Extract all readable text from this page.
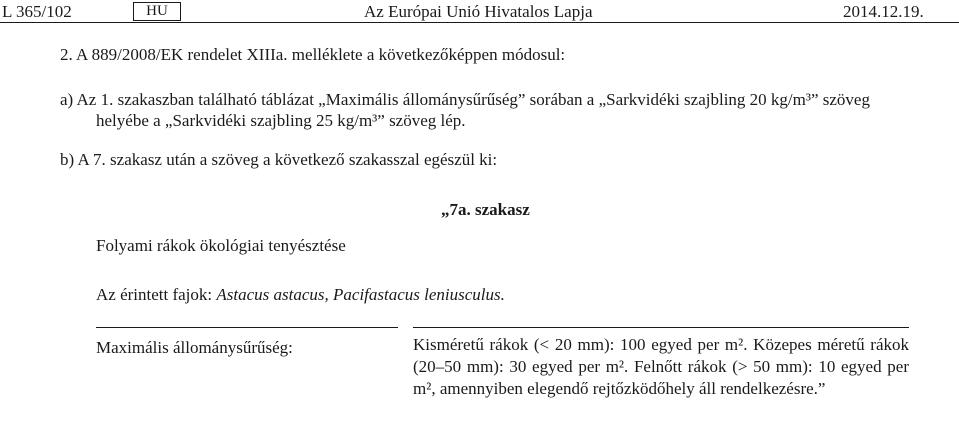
L 365/102	HU	Az Európai Unió Hivatalos Lapja	2014.12.19.
2. A 889/2008/EK rendelet XIIIa. melléklete a következőképpen módosul:
a) Az 1. szakaszban található táblázat „Maximális állománysűrűség” sorában a „Sarkvidéki szajbling 20 kg/m³” szöveg
helyébe a „Sarkvidéki szajbling 25 kg/m³” szöveg lép.
b) A 7. szakasz után a szöveg a következő szakasszal egészül ki:
„7a. szakasz
Folyami rákok ökológiai tenyésztése
Az érintett fajok: Astacus astacus, Pacifastacus leniusculus.
Maximális állománysűrűség:	Kisméretű rákok (< 20 mm): 100 egyed per m². Közepes méretű rákok (20–50 mm): 30 egyed per m². Felnőtt rákok (> 50 mm): 10 egyed per m², amennyiben elegendő rejtőzködőhely áll rendelkezésre.”
